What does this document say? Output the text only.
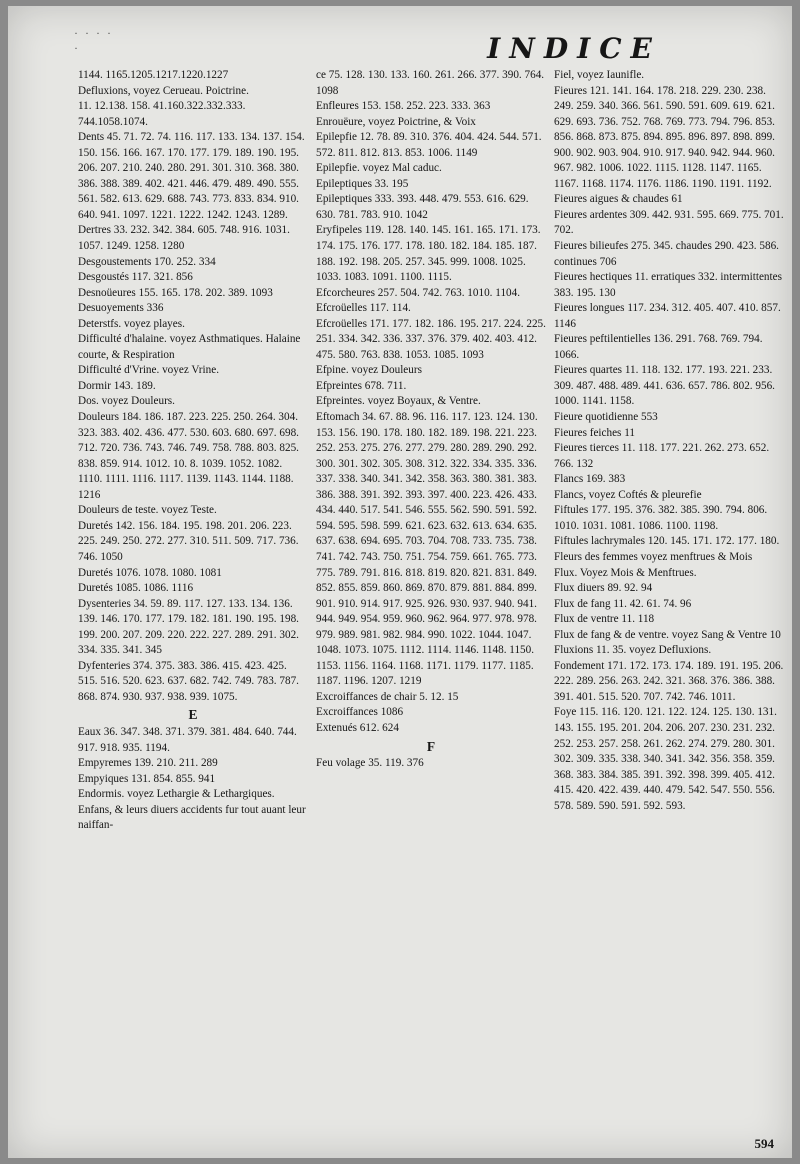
· · · · ·	INDICE

1144. 1165.1205.1217.1220.1227

Defluxions, voyez Cerueau. Poictrine.

11. 12.138. 158. 41.160.322.332.333. 744.1058.1074.

Dents 45. 71. 72. 74. 116. 117. 133. 134. 137. 154. 150. 156. 166. 167. 170. 177. 179. 189. 190. 195. 206. 207. 210. 240. 280. 291. 301. 310. 368. 380. 386. 388. 389. 402. 421. 446. 479. 489. 490. 555. 561. 582. 613. 629. 688. 743. 773. 833. 834. 910. 640. 941. 1097. 1221. 1222. 1242. 1243. 1289.

Dertres 33. 232. 342. 384. 605. 748. 916. 1031. 1057. 1249. 1258. 1280

Desgoustements 170. 252. 334

Desgoustés 117. 321. 856

Desnoüeures 155. 165. 178. 202. 389. 1093

Desuoyements 336

Deterstfs. voyez playes.

Difficulté d'halaine. voyez Asthmatiques. Halaine courte, & Respiration

Difficulté d'Vrine. voyez Vrine.

Dormir 143. 189.

Dos. voyez Douleurs.

Douleurs 184. 186. 187. 223. 225. 250. 264. 304. 323. 383. 402. 436. 477. 530. 603. 680. 697. 698. 712. 720. 736. 743. 746. 749. 758. 788. 803. 825. 838. 859. 914. 1012. 10. 8. 1039. 1052. 1082. 1110. 1111. 1116. 1117. 1139. 1143. 1144. 1188. 1216

Douleurs de teste. voyez Teste.

Duretés 142. 156. 184. 195. 198. 201. 206. 223. 225. 249. 250. 272. 277. 310. 511. 509. 717. 736. 746. 1050

Duretés 1076. 1078. 1080. 1081

Duretés 1085. 1086. 1116

Dysenteries 34. 59. 89. 117. 127. 133. 134. 136. 139. 146. 170. 177. 179. 182. 181. 190. 195. 198. 199. 200. 207. 209. 220. 222. 227. 289. 291. 302. 334. 335. 341. 345

Dyfenteries 374. 375. 383. 386. 415. 423. 425. 515. 516. 520. 623. 637. 682. 742. 749. 783. 787. 868. 874. 930. 937. 938. 939. 1075.

E

Eaux 36. 347. 348. 371. 379. 381. 484. 640. 744. 917. 918. 935. 1194.

Empyremes 139. 210. 211. 289

Empyiques 131. 854. 855. 941

Endormis. voyez Lethargie & Lethargiques.

Enfans, & leurs diuers accidents fur tout auant leur naiffan-

ce 75. 128. 130. 133. 160. 261. 266. 377. 390. 764. 1098

Enfleures 153. 158. 252. 223. 333. 363

Enrouëure, voyez Poictrine, & Voix

Epilepfie 12. 78. 89. 310. 376. 404. 424. 544. 571. 572. 811. 812. 813. 853. 1006. 1149

Epilepfie. voyez Mal caduc.

Epileptiques 33. 195

Epileptiques 333. 393. 448. 479. 553. 616. 629. 630. 781. 783. 910. 1042

Eryfipeles 119. 128. 140. 145. 161. 165. 171. 173. 174. 175. 176. 177. 178. 180. 182. 184. 185. 187. 188. 192. 198. 205. 257. 345. 999. 1008. 1025. 1033. 1083. 1091. 1100. 1115.

Efcorcheures 257. 504. 742. 763. 1010. 1104.

Efcroüelles 117. 114.

Efcroüelles 171. 177. 182. 186. 195. 217. 224. 225. 251. 334. 342. 336. 337. 376. 379. 402. 403. 412. 475. 580. 763. 838. 1053. 1085. 1093

Efpine. voyez Douleurs

Efpreintes 678. 711.

Efpreintes. voyez Boyaux, & Ventre.

Eftomach 34. 67. 88. 96. 116. 117. 123. 124. 130. 153. 156. 190. 178. 180. 182. 189. 198. 221. 223. 252. 253. 275. 276. 277. 279. 280. 289. 290. 292. 300. 301. 302. 305. 308. 312. 322. 334. 335. 336. 337. 338. 340. 341. 342. 358. 363. 380. 381. 383. 386. 388. 391. 392. 393. 397. 400. 223. 426. 433. 434. 440. 517. 541. 546. 555. 562. 590. 591. 592. 594. 595. 598. 599. 621. 623. 632. 613. 634. 635. 637. 638. 694. 695. 703. 704. 708. 733. 735. 738. 741. 742. 743. 750. 751. 754. 759. 661. 765. 773. 775. 789. 791. 816. 818. 819. 820. 821. 831. 849. 852. 855. 859. 860. 869. 870. 879. 881. 884. 899. 901. 910. 914. 917. 925. 926. 930. 937. 940. 941. 944. 949. 954. 959. 960. 962. 964. 977. 978. 978. 979. 989. 981. 982. 984. 990. 1022. 1044. 1047. 1048. 1073. 1075. 1112. 1114. 1146. 1148. 1150. 1153. 1156. 1164. 1168. 1171. 1179. 1177. 1185. 1187. 1196. 1207. 1219

Excroiffances de chair 5. 12. 15

Excroiffances 1086

Extenués 612. 624

F

Feu volage 35. 119. 376

Fiel, voyez Iaunifle.

Fieures 121. 141. 164. 178. 218. 229. 230. 238. 249. 259. 340. 366. 561. 590. 591. 609. 619. 621. 629. 693. 736. 752. 768. 769. 773. 794. 796. 853. 856. 868. 873. 875. 894. 895. 896. 897. 898. 899. 900. 902. 903. 904. 910. 917. 940. 942. 944. 960. 967. 982. 1006. 1022. 1115. 1128. 1147. 1165. 1167. 1168. 1174. 1176. 1186. 1190. 1191. 1192.

Fieures aigues & chaudes 61

Fieures ardentes 309. 442. 931. 595. 669. 775. 701. 702.

Fieures bilieufes 275. 345. chaudes 290. 423. 586. continues 706

Fieures hectiques 11. erratiques 332. intermittentes 383. 195. 130

Fieures longues 117. 234. 312. 405. 407. 410. 857. 1146

Fieures peftilentielles 136. 291. 768. 769. 794. 1066.

Fieures quartes 11. 118. 132. 177. 193. 221. 233. 309. 487. 488. 489. 441. 636. 657. 786. 802. 956. 1000. 1141. 1158.

Fieure quotidienne 553

Fieures feiches 11

Fieures tierces 11. 118. 177. 221. 262. 273. 652. 766. 132

Flancs 169. 383

Flancs, voyez Coftés & pleurefie

Fiftules 177. 195. 376. 382. 385. 390. 794. 806. 1010. 1031. 1081. 1086. 1100. 1198.

Fiftules lachrymales 120. 145. 171. 172. 177. 180.

Fleurs des femmes voyez menftrues & Mois

Flux. Voyez Mois & Menftrues.

Flux diuers 89. 92. 94

Flux de fang 11. 42. 61. 74. 96

Flux de ventre 11. 118

Flux de fang & de ventre. voyez Sang & Ventre 10

Fluxions 11. 35. voyez Defluxions.

Fondement 171. 172. 173. 174. 189. 191. 195. 206. 222. 289. 256. 263. 242. 321. 368. 376. 386. 388. 391. 401. 515. 520. 707. 742. 746. 1011.

Foye 115. 116. 120. 121. 122. 124. 125. 130. 131. 143. 155. 195. 201. 204. 206. 207. 230. 231. 232. 252. 253. 257. 258. 261. 262. 274. 279. 280. 301. 302. 309. 335. 338. 340. 341. 342. 356. 358. 359. 368. 383. 384. 385. 391. 392. 398. 399. 405. 412. 415. 420. 422. 439. 440. 479. 542. 547. 550. 556. 578. 589. 590. 591. 592. 593.

594
